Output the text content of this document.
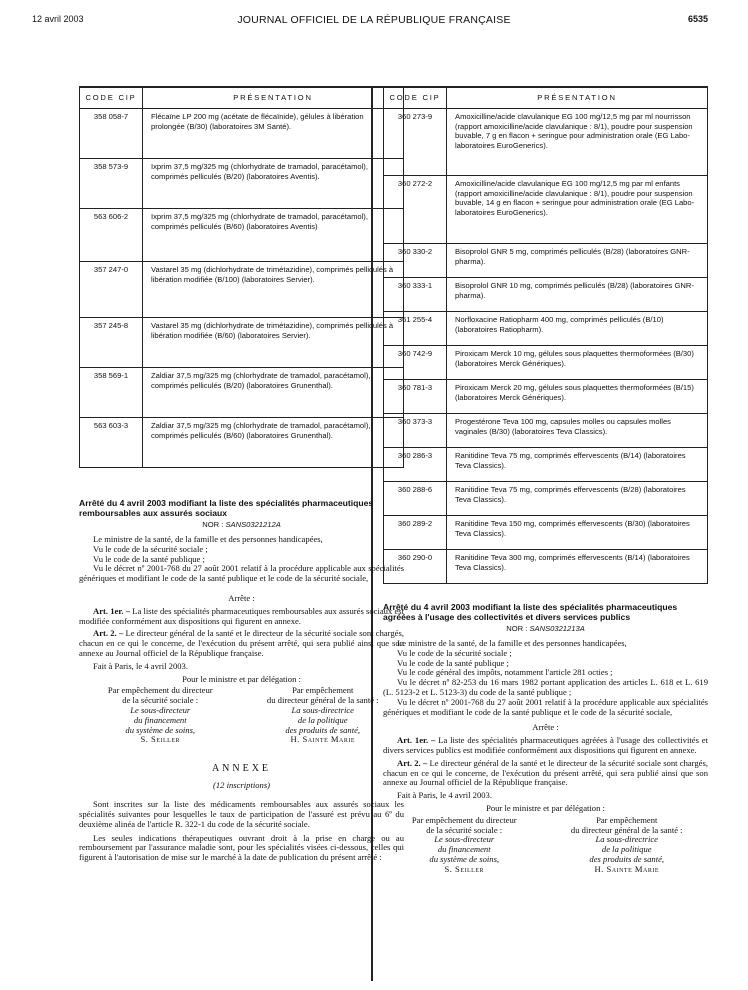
12 avril 2003	JOURNAL OFFICIEL DE LA RÉPUBLIQUE FRANÇAISE	6535
CODE CIP	PRÉSENTATION
358 058-7	Flécaïne LP 200 mg (acétate de flécaïnide), gélules à libération prolongée (B/30) (laboratoires 3M Santé).
358 573-9	Ixprim 37,5 mg/325 mg (chlorhydrate de tramadol, paracétamol), comprimés pelliculés (B/20) (laboratoires Aventis).
563 606-2	Ixprim 37,5 mg/325 mg (chlorhydrate de tramadol, paracétamol), comprimés pelliculés (B/60) (laboratoires Aventis)
357 247-0	Vastarel 35 mg (dichlorhydrate de trimétazidine), comprimés pelliculés à libération modifiée (B/100) (laboratoires Servier).
357 245-8	Vastarel 35 mg (dichlorhydrate de trimétazidine), comprimés pelliculés à libération modifiée (B/60) (laboratoires Servier).
358 569-1	Zaldiar 37,5 mg/325 mg (chlorhydrate de tramadol, paracétamol), comprimés pelliculés (B/20) (laboratoires Grunenthal).
563 603-3	Zaldiar 37,5 mg/325 mg (chlorhydrate de tramadol, paracétamol), comprimés pelliculés (B/60) (laboratoires Grunenthal).

Arrêté du 4 avril 2003 modifiant la liste des spécialités pharmaceutiques remboursables aux assurés sociaux

NOR : SANS0321212A

Le ministre de la santé, de la famille et des personnes handicapées,

Vu le code de la sécurité sociale ;

Vu le code de la santé publique ;

Vu le décret nº 2001-768 du 27 août 2001 relatif à la procédure applicable aux spécialités génériques et modifiant le code de la santé publique et le code de la sécurité sociale,

Arrête :

Art. 1er. – La liste des spécialités pharmaceutiques remboursables aux assurés sociaux est modifiée conformément aux dispositions qui figurent en annexe.

Art. 2. – Le directeur général de la santé et le directeur de la sécurité sociale sont chargés, chacun en ce qui le concerne, de l'exécution du présent arrêté, qui sera publié ainsi que son annexe au Journal officiel de la République française.

Fait à Paris, le 4 avril 2003.

Pour le ministre et par délégation :

Par empêchement du directeur
de la sécurité sociale :
Le sous-directeur
du financement
du système de soins,
S. Seiller
Par empêchement
du directeur général de la santé :
La sous-directrice
de la politique
des produits de santé,
H. Sainte Marie

ANNEXE

(12 inscriptions)

Sont inscrites sur la liste des médicaments remboursables aux assurés sociaux les spécialités suivantes pour lesquelles le taux de participation de l'assuré est prévu au 6º du deuxième alinéa de l'article R. 322-1 du code de la sécurité sociale.

Les seules indications thérapeutiques ouvrant droit à la prise en charge ou au remboursement par l'assurance maladie sont, pour les spécialités visées ci-dessous, celles qui figurent à l'autorisation de mise sur le marché à la date de publication du présent arrêté :

CODE CIP	PRÉSENTATION
360 273-9	Amoxicilline/acide clavulanique EG 100 mg/12,5 mg par ml nourrisson (rapport amoxicilline/acide clavulanique : 8/1), poudre pour suspension buvable, 7 g en flacon + seringue pour administration orale (EG Labo-laboratoires EuroGenerics).
360 272-2	Amoxicilline/acide clavulanique EG 100 mg/12,5 mg par ml enfants (rapport amoxicilline/acide clavulanique : 8/1), poudre pour suspension buvable, 14 g en flacon + seringue pour administration orale (EG Labo-laboratoires EuroGenerics).
360 330-2	Bisoprolol GNR 5 mg, comprimés pelliculés (B/28) (laboratoires GNR-pharma).
360 333-1	Bisoprolol GNR 10 mg, comprimés pelliculés (B/28) (laboratoires GNR-pharma).
361 255-4	Norfloxacine Ratiopharm 400 mg, comprimés pelliculés (B/10) (laboratoires Ratiopharm).
360 742-9	Piroxicam Merck 10 mg, gélules sous plaquettes thermoformées (B/30) (laboratoires Merck Génériques).
360 781-3	Piroxicam Merck 20 mg, gélules sous plaquettes thermoformées (B/15) (laboratoires Merck Génériques).
360 373-3	Progestérone Teva 100 mg, capsules molles ou capsules molles vaginales (B/30) (laboratoires Teva Classics).
360 286-3	Ranitidine Teva 75 mg, comprimés effervescents (B/14) (laboratoires Teva Classics).
360 288-6	Ranitidine Teva 75 mg, comprimés effervescents (B/28) (laboratoires Teva Classics).
360 289-2	Ranitidine Teva 150 mg, comprimés effervescents (B/30) (laboratoires Teva Classics).
360 290-0	Ranitidine Teva 300 mg, comprimés effervescents (B/14) (laboratoires Teva Classics).

Arrêté du 4 avril 2003 modifiant la liste des spécialités pharmaceutiques agréées à l'usage des collectivités et divers services publics

NOR : SANS0321213A

Le ministre de la santé, de la famille et des personnes handicapées,

Vu le code de la sécurité sociale ;

Vu le code de la santé publique ;

Vu le code général des impôts, notamment l'article 281 octies ;

Vu le décret nº 82-253 du 16 mars 1982 portant application des articles L. 618 et L. 619 (L. 5123-2 et L. 5123-3) du code de la santé publique ;

Vu le décret nº 2001-768 du 27 août 2001 relatif à la procédure applicable aux spécialités génériques et modifiant le code de la santé publique et le code de la sécurité sociale,

Arrête :

Art. 1er. – La liste des spécialités pharmaceutiques agréées à l'usage des collectivités et divers services publics est modifiée conformément aux dispositions qui figurent en annexe.

Art. 2. – Le directeur général de la santé et le directeur de la sécurité sociale sont chargés, chacun en ce qui le concerne, de l'exécution du présent arrêté, qui sera publié ainsi que son annexe au Journal officiel de la République française.

Fait à Paris, le 4 avril 2003.

Pour le ministre et par délégation :

Par empêchement du directeur
de la sécurité sociale :
Le sous-directeur
du financement
du système de soins,
S. Seiller
Par empêchement
du directeur général de la santé :
La sous-directrice
de la politique
des produits de santé,
H. Sainte Marie
